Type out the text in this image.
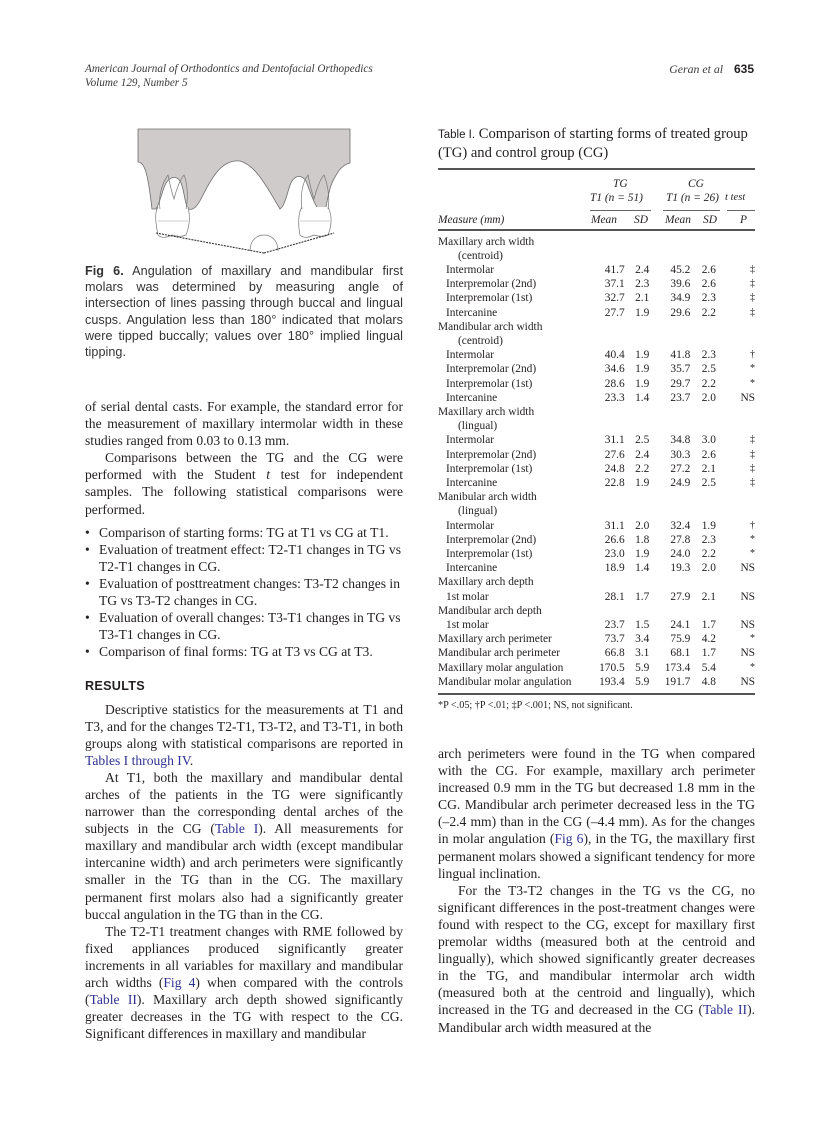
American Journal of Orthodontics and Dentofacial Orthopedics
Volume 129, Number 5
Geran et al 635
Fig 6. Angulation of maxillary and mandibular first molars was determined by measuring angle of intersection of lines passing through buccal and lingual cusps. Angulation less than 180° indicated that molars were tipped buccally; values over 180° implied lingual tipping.

of serial dental casts. For example, the standard error for the measurement of maxillary intermolar width in these studies ranged from 0.03 to 0.13 mm.

Comparisons between the TG and the CG were performed with the Student t test for independent samples. The following statistical comparisons were performed.

• Comparison of starting forms: TG at T1 vs CG at T1.
• Evaluation of treatment effect: T2-T1 changes in TG vs T2-T1 changes in CG.
• Evaluation of posttreatment changes: T3-T2 changes in TG vs T3-T2 changes in CG.
• Evaluation of overall changes: T3-T1 changes in TG vs T3-T1 changes in CG.
• Comparison of final forms: TG at T3 vs CG at T3.
RESULTS

Descriptive statistics for the measurements at T1 and T3, and for the changes T2-T1, T3-T2, and T3-T1, in both groups along with statistical comparisons are reported in Tables I through IV.

At T1, both the maxillary and mandibular dental arches of the patients in the TG were significantly narrower than the corresponding dental arches of the subjects in the CG (Table I). All measurements for maxillary and mandibular arch width (except mandibular intercanine width) and arch perimeters were significantly smaller in the TG than in the CG. The maxillary permanent first molars also had a significantly greater buccal angulation in the TG than in the CG.

The T2-T1 treatment changes with RME followed by fixed appliances produced significantly greater increments in all variables for maxillary and mandibular arch widths (Fig 4) when compared with the controls (Table II). Maxillary arch depth showed significantly greater decreases in the TG with respect to the CG. Significant differences in maxillary and mandibular

Table I. Comparison of starting forms of treated group (TG) and control group (CG)
TG
T1 (n = 51)
CG
T1 (n = 26) t test
Measure (mm)	Mean SD Mean SD P
Maxillary arch width					
(centroid)					
Intermolar	41.7	2.4	45.2	2.6	‡
Interpremolar (2nd)	37.1	2.3	39.6	2.6	‡
Interpremolar (1st)	32.7	2.1	34.9	2.3	‡
Intercanine	27.7	1.9	29.6	2.2	‡
Mandibular arch width					
(centroid)					
Intermolar	40.4	1.9	41.8	2.3	†
Interpremolar (2nd)	34.6	1.9	35.7	2.5	*
Interpremolar (1st)	28.6	1.9	29.7	2.2	*
Intercanine	23.3	1.4	23.7	2.0	NS
Maxillary arch width					
(lingual)					
Intermolar	31.1	2.5	34.8	3.0	‡
Interpremolar (2nd)	27.6	2.4	30.3	2.6	‡
Interpremolar (1st)	24.8	2.2	27.2	2.1	‡
Intercanine	22.8	1.9	24.9	2.5	‡
Manibular arch width					
(lingual)					
Intermolar	31.1	2.0	32.4	1.9	†
Interpremolar (2nd)	26.6	1.8	27.8	2.3	*
Interpremolar (1st)	23.0	1.9	24.0	2.2	*
Intercanine	18.9	1.4	19.3	2.0	NS
Maxillary arch depth					
1st molar	28.1	1.7	27.9	2.1	NS
Mandibular arch depth					
1st molar	23.7	1.5	24.1	1.7	NS
Maxillary arch perimeter	73.7	3.4	75.9	4.2	*
Mandibular arch perimeter	66.8	3.1	68.1	1.7	NS
Maxillary molar angulation	170.5	5.9	173.4	5.4	*
Mandibular molar angulation	193.4	5.9	191.7	4.8	NS
*P <.05; †P <.01; ‡P <.001; NS, not significant.

arch perimeters were found in the TG when compared with the CG. For example, maxillary arch perimeter increased 0.9 mm in the TG but decreased 1.8 mm in the CG. Mandibular arch perimeter decreased less in the TG (–2.4 mm) than in the CG (–4.4 mm). As for the changes in molar angulation (Fig 6), in the TG, the maxillary first permanent molars showed a significant tendency for more lingual inclination.

For the T3-T2 changes in the TG vs the CG, no significant differences in the post-treatment changes were found with respect to the CG, except for maxillary first premolar widths (measured both at the centroid and lingually), which showed significantly greater decreases in the TG, and mandibular intermolar arch width (measured both at the centroid and lingually), which increased in the TG and decreased in the CG (Table II). Mandibular arch width measured at the
